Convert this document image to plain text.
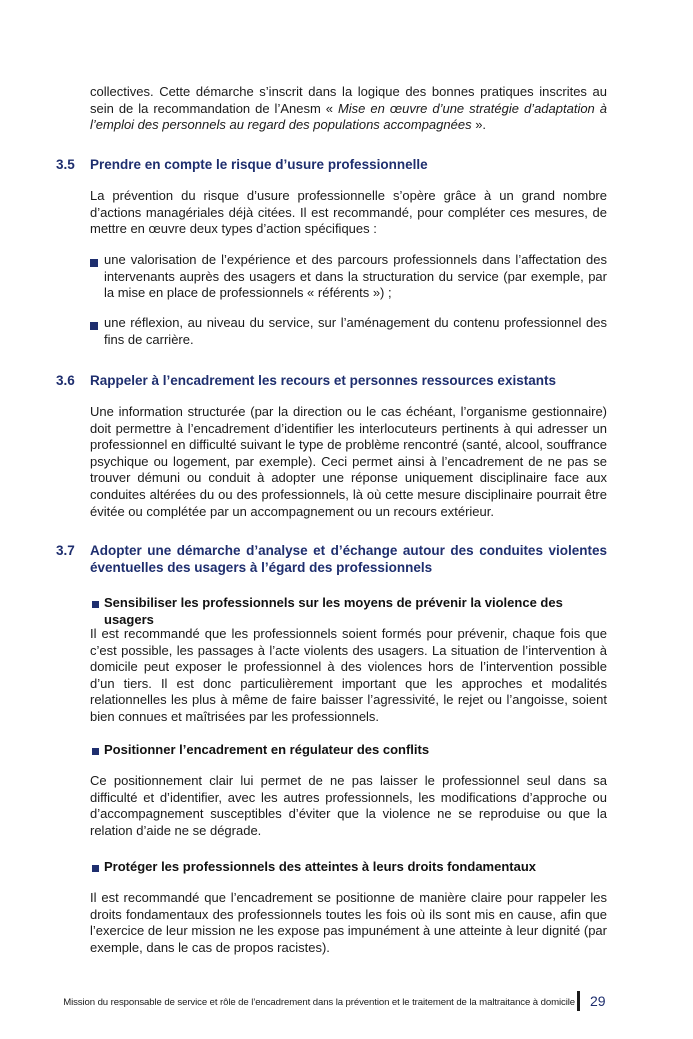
collectives. Cette démarche s’inscrit dans la logique des bonnes pratiques inscrites au sein de la recommandation de l’Anesm « Mise en œuvre d’une stratégie d’adaptation à l’emploi des personnels au regard des populations accompagnées ».

3.5 Prendre en compte le risque d’usure professionnelle

La prévention du risque d’usure professionnelle s’opère grâce à un grand nombre d’actions managériales déjà citées. Il est recommandé, pour compléter ces mesures, de mettre en œuvre deux types d’action spécifiques :

une valorisation de l’expérience et des parcours professionnels dans l’affectation des intervenants auprès des usagers et dans la structuration du service (par exemple, par la mise en place de professionnels « référents ») ;

une réflexion, au niveau du service, sur l’aménagement du contenu professionnel des fins de carrière.

3.6 Rappeler à l’encadrement les recours et personnes ressources existants

Une information structurée (par la direction ou le cas échéant, l’organisme gestionnaire) doit permettre à l’encadrement d’identifier les interlocuteurs pertinents à qui adresser un professionnel en difficulté suivant le type de problème rencontré (santé, alcool, souffrance psychique ou logement, par exemple). Ceci permet ainsi à l’encadrement de ne pas se trouver démuni ou conduit à adopter une réponse uniquement disciplinaire face aux conduites altérées du ou des professionnels, là où cette mesure disciplinaire pourrait être évitée ou complétée par un accompagnement ou un recours extérieur.

3.7 Adopter une démarche d’analyse et d’échange autour des conduites violentes éventuelles des usagers à l’égard des professionnels
Sensibiliser les professionnels sur les moyens de prévenir la violence des usagers

Il est recommandé que les professionnels soient formés pour prévenir, chaque fois que c’est possible, les passages à l’acte violents des usagers. La situation de l’intervention à domicile peut exposer le professionnel à des violences hors de l’intervention possible d’un tiers. Il est donc particulièrement important que les approches et modalités relationnelles les plus à même de faire baisser l’agressivité, le rejet ou l’angoisse, soient bien connues et maîtrisées par les professionnels.

Positionner l’encadrement en régulateur des conflits

Ce positionnement clair lui permet de ne pas laisser le professionnel seul dans sa difficulté et d’identifier, avec les autres professionnels, les modifications d’approche ou d’accompagnement susceptibles d’éviter que la violence ne se reproduise ou que la relation d’aide ne se dégrade.

Protéger les professionnels des atteintes à leurs droits fondamentaux

Il est recommandé que l’encadrement se positionne de manière claire pour rappeler les droits fondamentaux des professionnels toutes les fois où ils sont mis en cause, afin que l’exercice de leur mission ne les expose pas impunément à une atteinte à leur dignité (par exemple, dans le cas de propos racistes).

Mission du responsable de service et rôle de l’encadrement dans la prévention et le traitement de la maltraitance à domicile 29
